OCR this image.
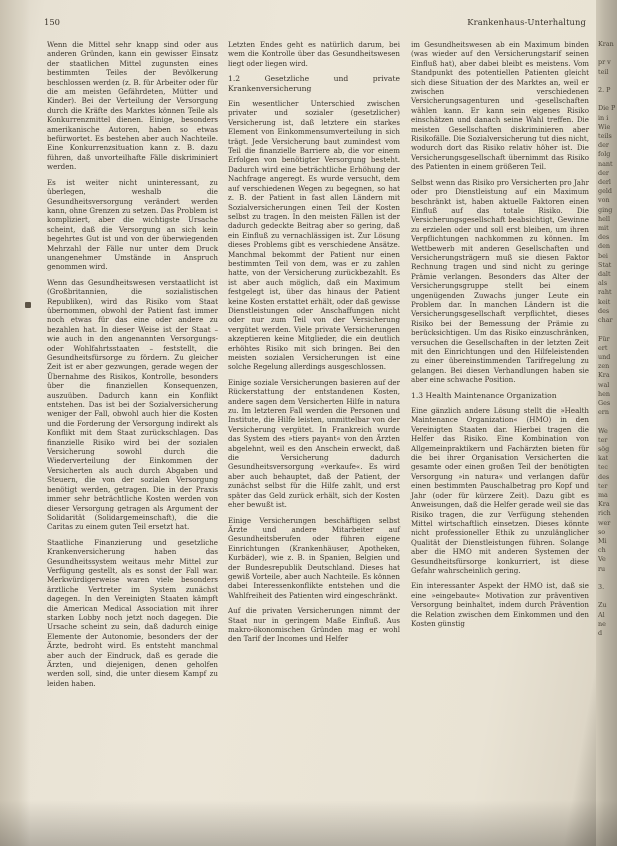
150	Krankenhaus-Unterhaltung

Wenn die Mittel sehr knapp sind oder aus anderen Gründen, kann ein gewisser Einsatz der staatlichen Mittel zugunsten eines bestimmten Teiles der Bevölkerung beschlossen werden (z. B. für Arbeiter oder für die am meisten Gefährdeten, Mütter und Kinder). Bei der Verteilung der Versorgung durch die Kräfte des Marktes können Teile als Konkurrenzmittel dienen. Einige, besonders amerikanische Autoren, haben so etwas befürwortet. Es bestehen aber auch Nachteile. Eine Konkurrenzsituation kann z. B. dazu führen, daß unvorteilhafte Fälle diskriminiert werden.

Es ist weiter nicht uninteressant, zu überlegen, weshalb die Gesundheitsversorgung verändert werden kann, ohne Grenzen zu setzen. Das Problem ist kompliziert, aber die wichtigste Ursache scheint, daß die Versorgung an sich kein begehrtes Gut ist und von der überwiegenden Mehrzahl der Fälle nur unter dem Druck unangenehmer Umstände in Anspruch genommen wird.

Wenn das Gesundheitswesen verstaatlicht ist (Großbritannien, die sozialistischen Republiken), wird das Risiko vom Staat übernommen, obwohl der Patient fast immer noch etwas für das eine oder andere zu bezahlen hat. In dieser Weise ist der Staat – wie auch in den angenannten Versorgungs- oder Wohlfahrtsstaaten – feststellt, die Gesundheitsfürsorge zu fördern. Zu gleicher Zeit ist er aber gezwungen, gerade wegen der Übernahme des Risikos, Kontrolle, besonders über die finanziellen Konsequenzen, auszuüben. Dadurch kann ein Konflikt entstehen. Das ist bei der Sozialversicherung weniger der Fall, obwohl auch hier die Kosten und die Forderung der Versorgung indirekt als Konflikt mit dem Staat zurückschlagen. Das finanzielle Risiko wird bei der sozialen Versicherung sowohl durch die Wiederverteilung der Einkommen der Versicherten als auch durch Abgaben und Steuern, die von der sozialen Versorgung benötigt werden, getragen. Die in der Praxis immer sehr beträchtliche Kosten werden von dieser Versorgung getragen als Argument der Solidarität (Solidargemeinschaft), die die Caritas zu einem guten Teil ersetzt hat.

Staatliche Finanzierung und gesetzliche Krankenversicherung haben das Gesundheitssystem weitaus mehr Mittel zur Verfügung gestellt, als es sonst der Fall war. Merkwürdigerweise waren viele besonders ärztliche Vertreter im System zunächst dagegen. In den Vereinigten Staaten kämpft die American Medical Association mit ihrer starken Lobby noch jetzt noch dagegen. Die Ursache scheint zu sein, daß dadurch einige Elemente der Autonomie, besonders der der Ärzte, bedroht wird. Es entsteht manchmal aber auch der Eindruck, daß es gerade die Ärzten, und diejenigen, denen geholfen werden soll, sind, die unter diesem Kampf zu leiden haben.

Letzten Endes geht es natürlich darum, bei wem die Kontrolle über das Gesundheitswesen liegt oder liegen wird.

1.2 Gesetzliche und private Krankenversicherung

Ein wesentlicher Unterschied zwischen privater und sozialer (gesetzlicher) Versicherung ist, daß letztere ein starkes Element von Einkommensumverteilung in sich trägt. Jede Versicherung baut zumindest vom Teil die finanzielle Barriere ab, die vor einem Erfolgen von benötigter Versorgung besteht. Dadurch wird eine beträchtliche Erhöhung der Nachfrage angeregt. Es wurde versucht, dem auf verschiedenen Wegen zu begegnen, so hat z. B. der Patient in fast allen Ländern mit Sozialversicherungen einen Teil der Kosten selbst zu tragen. In den meisten Fällen ist der dadurch gedeckte Beitrag aber so gering, daß ein Einfluß zu vernachlässigen ist. Zur Lösung dieses Problems gibt es verschiedene Ansätze. Manchmal bekommt der Patient nur einen bestimmten Teil von dem, was er zu zahlen hatte, von der Versicherung zurückbezahlt. Es ist aber auch möglich, daß ein Maximum festgelegt ist, über das hinaus der Patient keine Kosten erstattet erhält, oder daß gewisse Dienstleistungen oder Anschaffungen nicht oder nur zum Teil von der Versicherung vergütet werden. Viele private Versicherungen akzeptieren keine Mitglieder, die ein deutlich erhöhtes Risiko mit sich bringen. Bei den meisten sozialen Versicherungen ist eine solche Regelung allerdings ausgeschlossen.

Einige soziale Versicherungen basieren auf der Rückerstattung der entstandenen Kosten, andere sagen dem Versicherten Hilfe in natura zu. Im letzteren Fall werden die Personen und Institute, die Hilfe leisten, unmittelbar von der Versicherung vergütet. In Frankreich wurde das System des »tiers payant« von den Ärzten abgelehnt, weil es den Anschein erweckt, daß die Versicherung dadurch Gesundheitsversorgung »verkaufe«. Es wird aber auch behauptet, daß der Patient, der zunächst selbst für die Hilfe zahlt, und erst später das Geld zurück erhält, sich der Kosten eher bewußt ist.

Einige Versicherungen beschäftigen selbst Ärzte und andere Mitarbeiter auf Gesundheitsberufen oder führen eigene Einrichtungen (Krankenhäuser, Apotheken, Kurbäder), wie z. B. in Spanien, Belgien und der Bundesrepublik Deutschland. Dieses hat gewiß Vorteile, aber auch Nachteile. Es können dabei Interessenkonflikte entstehen und die Wahlfreiheit des Patienten wird eingeschränkt.

Auf die privaten Versicherungen nimmt der Staat nur in geringem Maße Einfluß. Aus makro-ökonomischen Gründen mag er wohl den Tarif der Incomes und Helfer

im Gesundheitswesen ab ein Maximum binden (was wieder auf den Versicherungstarif seinen Einfluß hat), aber dabei bleibt es meistens. Vom Standpunkt des potentiellen Patienten gleicht sich diese Situation der des Marktes an, weil er zwischen verschiedenen Versicherungsagenturen und -gesellschaften wählen kann. Er kann sein eigenes Risiko einschätzen und danach seine Wahl treffen. Die meisten Gesellschaften diskriminieren aber Risikofälle. Die Sozialversicherung tut dies nicht, wodurch dort das Risiko relativ höher ist. Die Versicherungsgesellschaft übernimmt das Risiko des Patienten in einem größeren Teil.

Selbst wenn das Risiko pro Versicherten pro Jahr oder pro Dienstleistung auf ein Maximum beschränkt ist, haben aktuelle Faktoren einen Einfluß auf das totale Risiko. Die Versicherungsgesellschaft beabsichtigt, Gewinne zu erzielen oder und soll erst bleiben, um ihren Verpflichtungen nachkommen zu können. Im Wettbewerb mit anderen Gesellschaften und Versicherungsträgern muß sie diesen Faktor Rechnung tragen und sind nicht zu geringe Prämie verlangen. Besonders das Alter der Versicherungsgruppe stellt bei einem ungenügenden Zuwachs junger Leute ein Problem dar. In manchen Ländern ist die Versicherungsgesellschaft verpflichtet, dieses Risiko bei der Bemessung der Prämie zu berücksichtigen. Um das Risiko einzuschränken, versuchen die Gesellschaften in der letzten Zeit mit den Einrichtungen und den Hilfeleistenden zu einer übereinstimmenden Tarifregelung zu gelangen. Bei diesen Verhandlungen haben sie aber eine schwache Position.

1.3 Health Maintenance Organization

Eine gänzlich andere Lösung stellt die »Health Maintenance Organization« (HMO) in den Vereinigten Staaten dar. Hierbei tragen die Helfer das Risiko. Eine Kombination von Allgemeinpraktikern und Fachärzten bieten für die bei ihrer Organisation Versicherten die gesamte oder einen großen Teil der benötigten Versorgung »in natura« und verlangen dafür einen bestimmten Pauschalbetrag pro Kopf und Jahr (oder für kürzere Zeit). Dazu gibt es Anweisungen, daß die Helfer gerade weil sie das Risiko tragen, die zur Verfügung stehenden Mittel wirtschaftlich einsetzen. Dieses könnte nicht professioneller Ethik zu unzulänglicher Qualität der Dienstleistungen führen. Solange aber die HMO mit anderen Systemen der Gesundheitsfürsorge konkurriert, ist diese Gefahr wahrscheinlich gering.

Ein interessanter Aspekt der HMO ist, daß sie eine »eingebaute« Motivation zur präventiven Versorgung beinhaltet, indem durch Prävention die Relation zwischen dem Einkommen und den Kosten günstig

Kran

pr v
teil

2. P

Die P
in i
Wie
teils
der
folg
nant
der
derl
geld
von
ging
hell
mit
des
den
bei
Stat
dalt
als
raht
keit
des
char

Für
ert
und
zen
Kra
wal
hen
Ges
ern

We
ter
sög
kat
tec
des
ter
ma
Kra
rich
wer
so
Mi
ch
Ve
ru

3.

Zu
Al
ne
d
